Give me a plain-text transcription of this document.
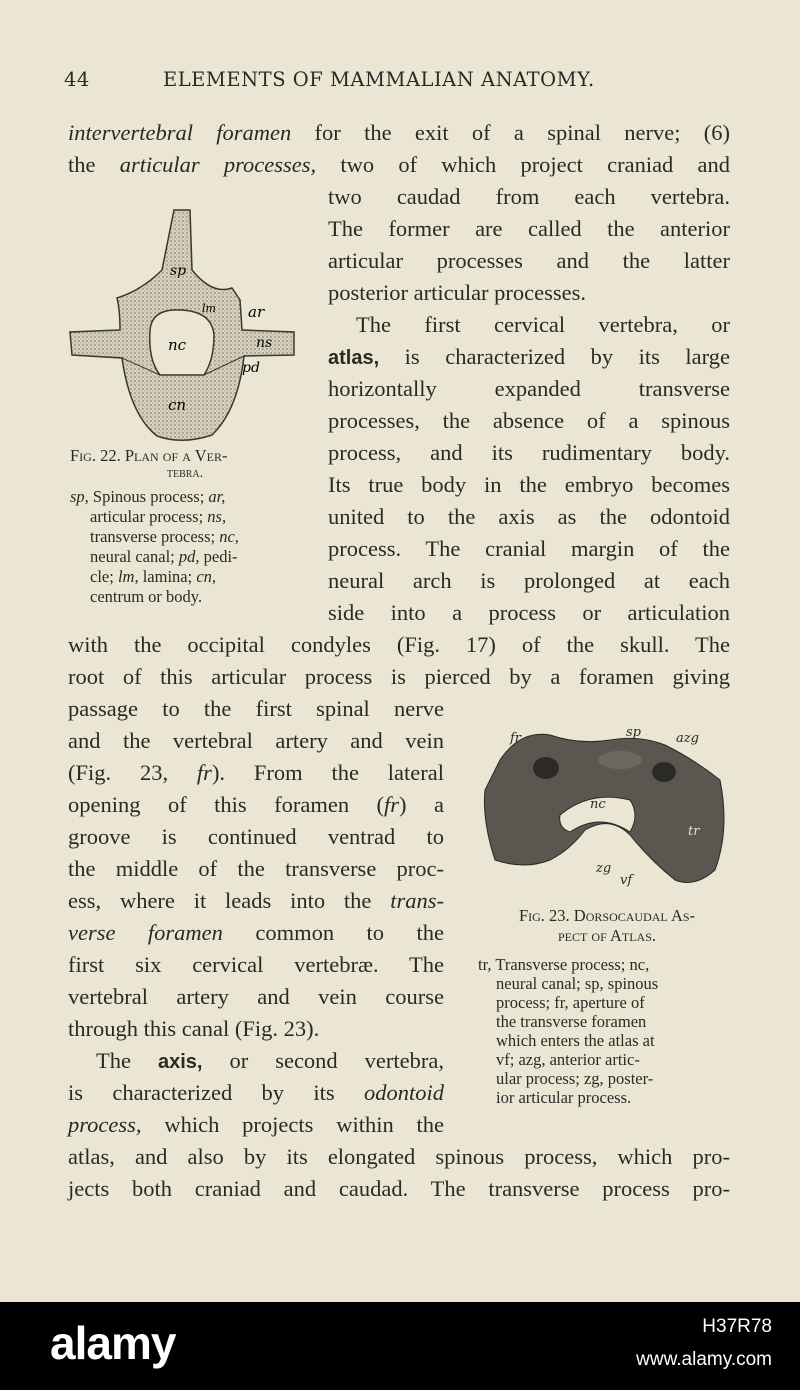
44	ELEMENTS OF MAMMALIAN ANATOMY.
intervertebral foramen for the exit of a spinal nerve; (6)
the articular processes, two of which project craniad and
two caudad from each vertebra.
The former are called the anterior
articular processes and the latter
posterior articular processes.
The first cervical vertebra, or
atlas, is characterized by its large
horizontally expanded transverse
processes, the absence of a spinous
process, and its rudimentary body.
Its true body in the embryo becomes
united to the axis as the odontoid
process. The cranial margin of the
neural arch is prolonged at each
side into a process or articulation
with the occipital condyles (Fig. 17) of the skull. The
root of this articular process is pierced by a foramen giving
passage to the first spinal nerve
and the vertebral artery and vein
(Fig. 23, fr). From the lateral
opening of this foramen (fr) a
groove is continued ventrad to
the middle of the transverse proc-
ess, where it leads into the trans-
verse foramen common to the
first six cervical vertebræ. The
vertebral artery and vein course
through this canal (Fig. 23).
The axis, or second vertebra,
is characterized by its odontoid
process, which projects within the
atlas, and also by its elongated spinous process, which pro-
jects both craniad and caudad. The transverse process pro-
sp
ar
lm
nc	ns
pd
cn
Fig. 22. Plan of a Ver-
tebra.
sp, Spinous process; ar,
articular process; ns,
transverse process; nc,
neural canal; pd, pedi-
cle; lm, lamina; cn,
centrum or body.
fr	sp	azg
nc
tr
zg
vf
Fig. 23. Dorsocaudal As-
pect of Atlas.
tr, Transverse process; nc,
neural canal; sp, spinous
process; fr, aperture of
the transverse foramen
which enters the atlas at
vf; azg, anterior artic-
ular process; zg, poster-
ior articular process.
alamy	H37R78
www.alamy.com
